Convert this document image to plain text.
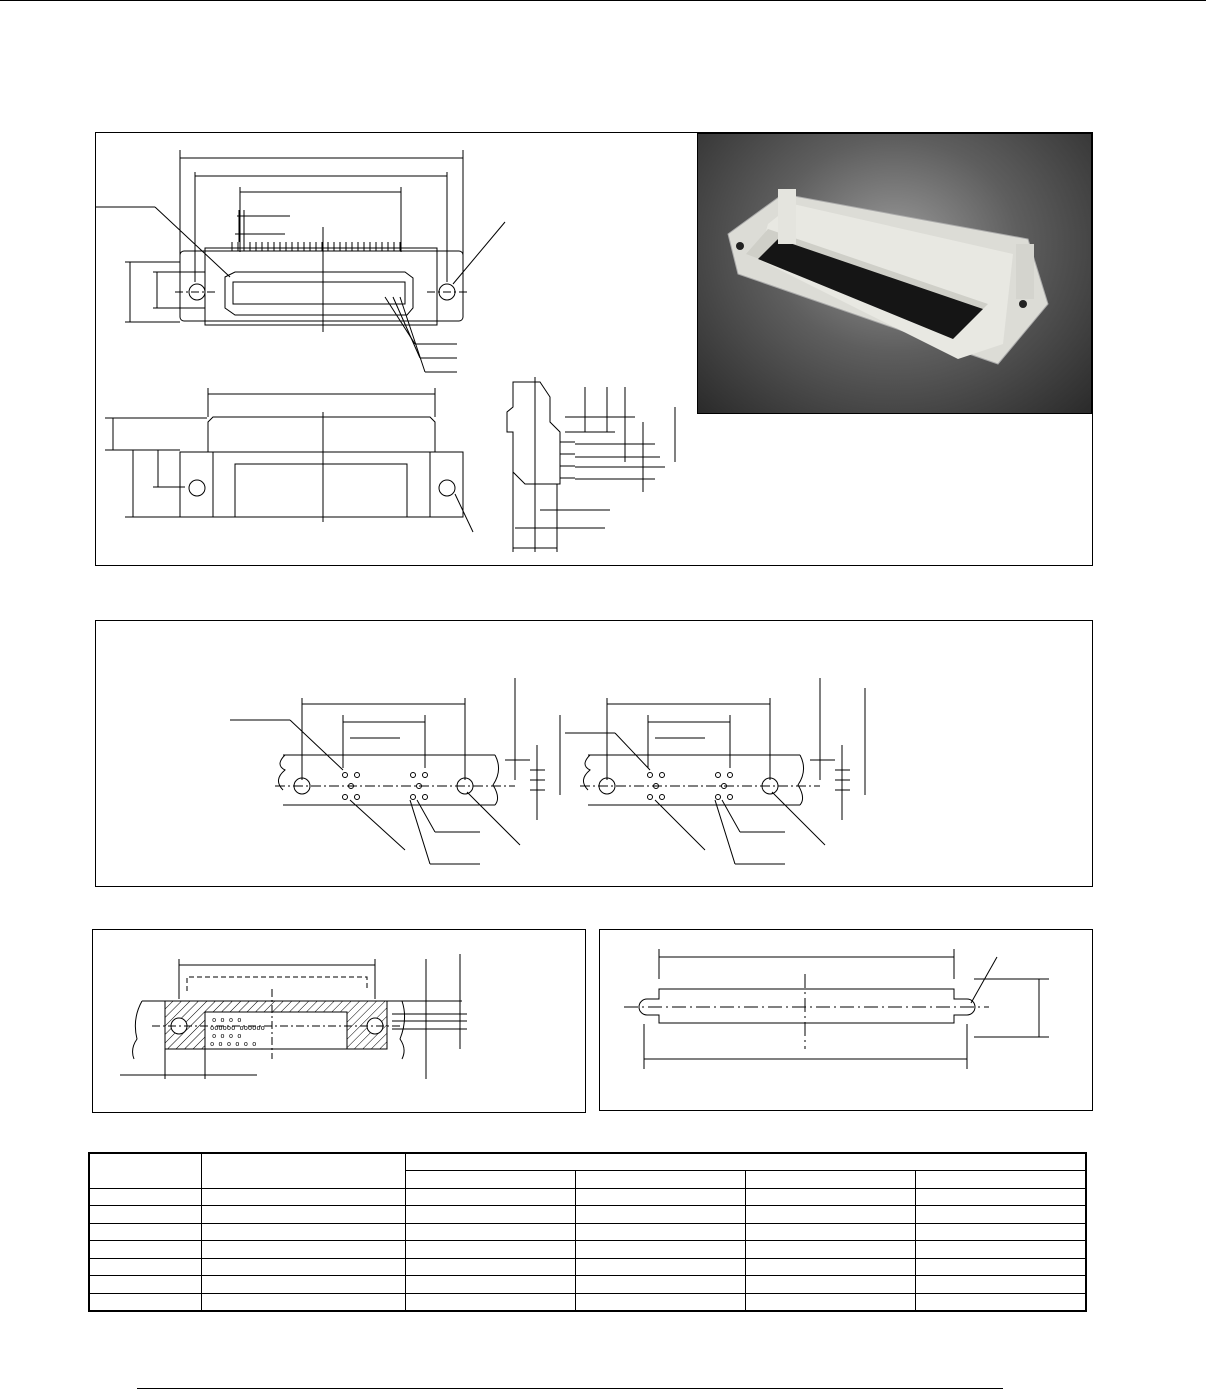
o o o o
oooooo oooooo
o o o o
o o o o o o
